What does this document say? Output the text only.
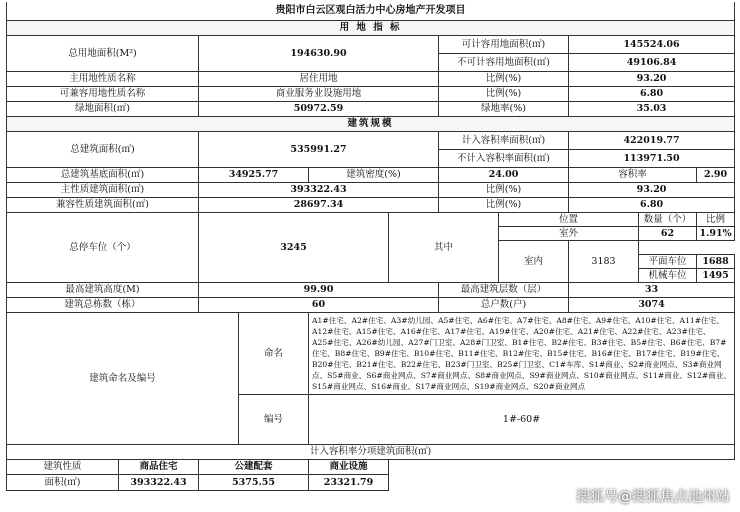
贵阳市白云区观白活力中心房地产开发项目											
用 地 指 标											
总用地面积(M²)		194630.90				可计容用地面积(㎡)		145524.06			
						不可计容用地面积(㎡)		49106.84			
主用地性质名称		居住用地				比例(%)		93.20			
可兼容用地性质名称		商业服务业设施用地				比例(%)		6.80			
绿地面积(㎡)		50972.59				绿地率(%)		35.03			
建筑规模											
总建筑面积(㎡)		535991.27				计入容积率面积(㎡)		422019.77			
						不计入容积率面积(㎡)		113971.50			
总建筑基底面积(㎡)		34925.77		建筑密度(%)		24.00		容积率		2.90	
主性质建筑面积(㎡)		393322.43				比例(%)		93.20			
兼容性质建筑面积(㎡)		28697.34				比例(%)		6.80			
总停车位（个）		3245			其中		位置		数量（个）	比例	
							室外		62	1.91%	
							室内	3183			
									平面车位	1688	
									机械车位	1495	
最高建筑高度(M)		99.90				最高建筑层数（层）		33			
建筑总栋数（栋）		60				总户数(户)		3074			
建筑命名及编号			命名	A1#住宅、A2#住宅、A3#幼儿园、A5#住宅、A6#住宅、A7#住宅、A8#住宅、A9#住宅、A10#住宅、A11#住宅、A12#住宅、A15#住宅、A16#住宅、A17#住宅、A19#住宅、A20#住宅、A21#住宅、A22#住宅、A23#住宅、A25#住宅、A26#幼儿园、A27#门卫室、A28#门卫室、B1#住宅、B2#住宅、B3#住宅、B5#住宅、B6#住宅、B7#住宅、B8#住宅、B9#住宅、B10#住宅、B11#住宅、B12#住宅、B15#住宅、B16#住宅、B17#住宅、B19#住宅、B20#住宅、B21#住宅、B22#住宅、B23#门卫室、B25#门卫室、C1#车库、S1#商业、S2#商业网点、S3#商业网点、S5#商业、S6#商业网点、S7#商业网点、S8#商业网点、S9#商业网点、S10#商业网点、S11#商业、S12#商业、S15#商业网点、S16#商业、S17#商业网点、S19#商业网点、S20#商业网点							
			编号	1#-60#							
计入容积率分项建筑面积(㎡)											
建筑性质	商品住宅	公建配套		商业设施							
面积(㎡)	393322.43	5375.55		23321.79							
搜狐号@搜狐焦点池州站
